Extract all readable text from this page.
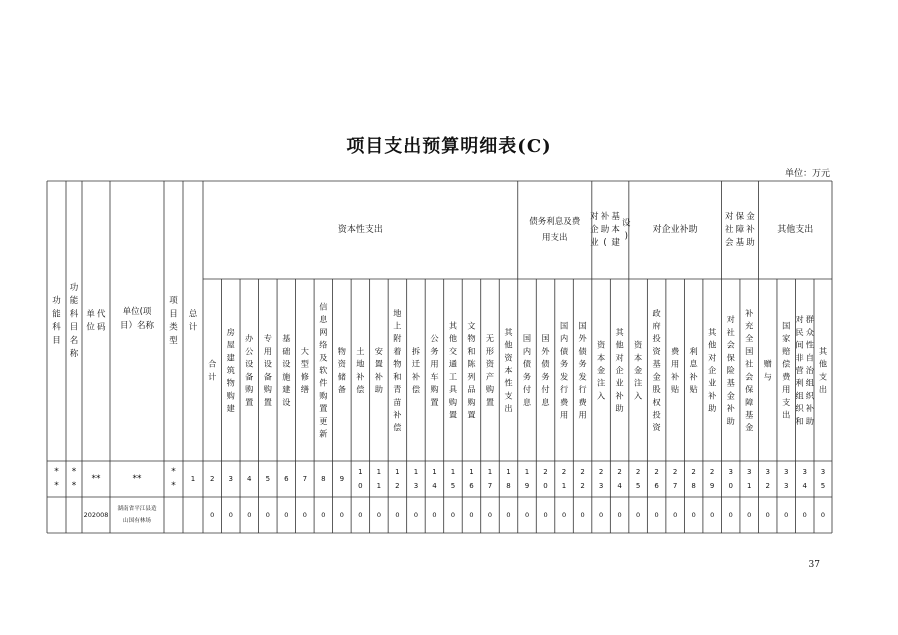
项目支出预算明细表(C)
单位：万元
功
能
科
目
功
能
科
目
名
称
单
位
代
码
单位(项
目）名称
项
目
类
型
总
计
资本性支出
债务利息及费
用支出
对
企
业
补
助
(
基
本
建
设
)
对企业补助
对
社
会
保
障
基
金
补
助
其他支出
合
计
房
屋
建
筑
物
购
建
办
公
设
备
购
置
专
用
设
备
购
置
基
础
设
施
建
设
大
型
修
缮
信
息
网
络
及
软
件
购
置
更
新
物
资
储
备
土
地
补
偿
安
置
补
助
地
上
附
着
物
和
青
苗
补
偿
拆
迁
补
偿
公
务
用
车
购
置
其
他
交
通
工
具
购
置
文
物
和
陈
列
品
购
置
无
形
资
产
购
置
其
他
资
本
性
支
出
国
内
债
务
付
息
国
外
债
务
付
息
国
内
债
务
发
行
费
用
国
外
债
务
发
行
费
用
资
本
金
注
入
其
他
对
企
业
补
助
资
本
金
注
入
政
府
投
资
基
金
股
权
投
资
费
用
补
贴
利
息
补
贴
其
他
对
企
业
补
助
对
社
会
保
险
基
金
补
助
补
充
全
国
社
会
保
障
基
金
赠
与
国
家
赔
偿
费
用
支
出
对
民
间
非
营
利
组
织
和
群
众
性
自
治
组
织
补
助
其
他
支
出
*
*
*
*
**	**
*
*
1 2 3 4 5 6 7 8 9
1
0
1
1
1
2
1
3
1
4
1
5
1
6
1
7
1
8
1
9
2
0
2
1
2
2
2
3
2
4
2
5
2
6
2
7
2
8
2
9
3
0
3
1
3
2
3
3
3
4
3
5
202008
湖南省平江县造
山国有林场
0 0 0 0 0 0 0 0 0 0 0 0 0 0 0 0 0 0 0 0 0 0 0 0 0 0 0 0 0 0 0 0 0 0
37
